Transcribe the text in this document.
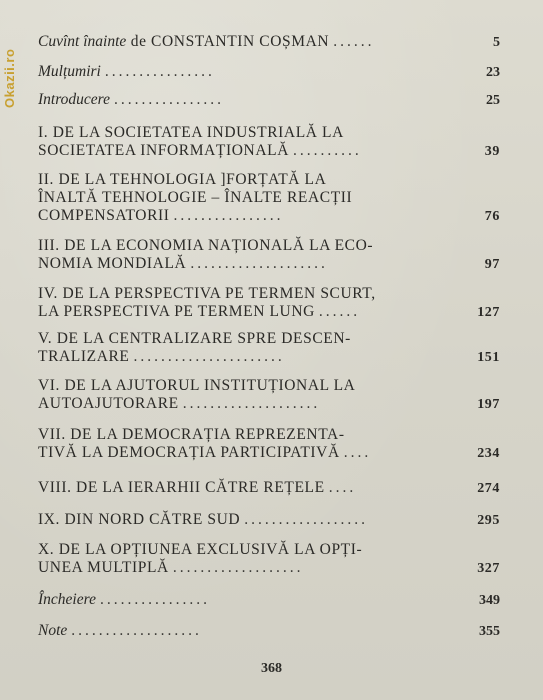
Okazii.ro
Cuvînt înainte de CONSTANTIN COȘMAN ......	5
Mulțumiri ................	23
Introducere ................	25
I. DE LA SOCIETATEA INDUSTRIALĂ LA
SOCIETATEA INFORMAȚIONALĂ ..........	39
II. DE LA TEHNOLOGIA ]FORȚATĂ LA
ÎNALTĂ TEHNOLOGIE – ÎNALTE REACȚII
COMPENSATORII ................	76
III. DE LA ECONOMIA NAȚIONALĂ LA ECO-
NOMIA MONDIALĂ ....................	97
IV. DE LA PERSPECTIVA PE TERMEN SCURT,
LA PERSPECTIVA PE TERMEN LUNG ......	127
V. DE LA CENTRALIZARE SPRE DESCEN-
TRALIZARE ......................	151
VI. DE LA AJUTORUL INSTITUȚIONAL LA
AUTOAJUTORARE ....................	197
VII. DE LA DEMOCRAȚIA REPREZENTA-
TIVĂ LA DEMOCRAȚIA PARTICIPATIVĂ ....	234
VIII. DE LA IERARHII CĂTRE REȚELE ....	274
IX. DIN NORD CĂTRE SUD ..................	295
X. DE LA OPȚIUNEA EXCLUSIVĂ LA OPȚI-
UNEA MULTIPLĂ ...................	327
Încheiere ................	349
Note ...................	355
368
